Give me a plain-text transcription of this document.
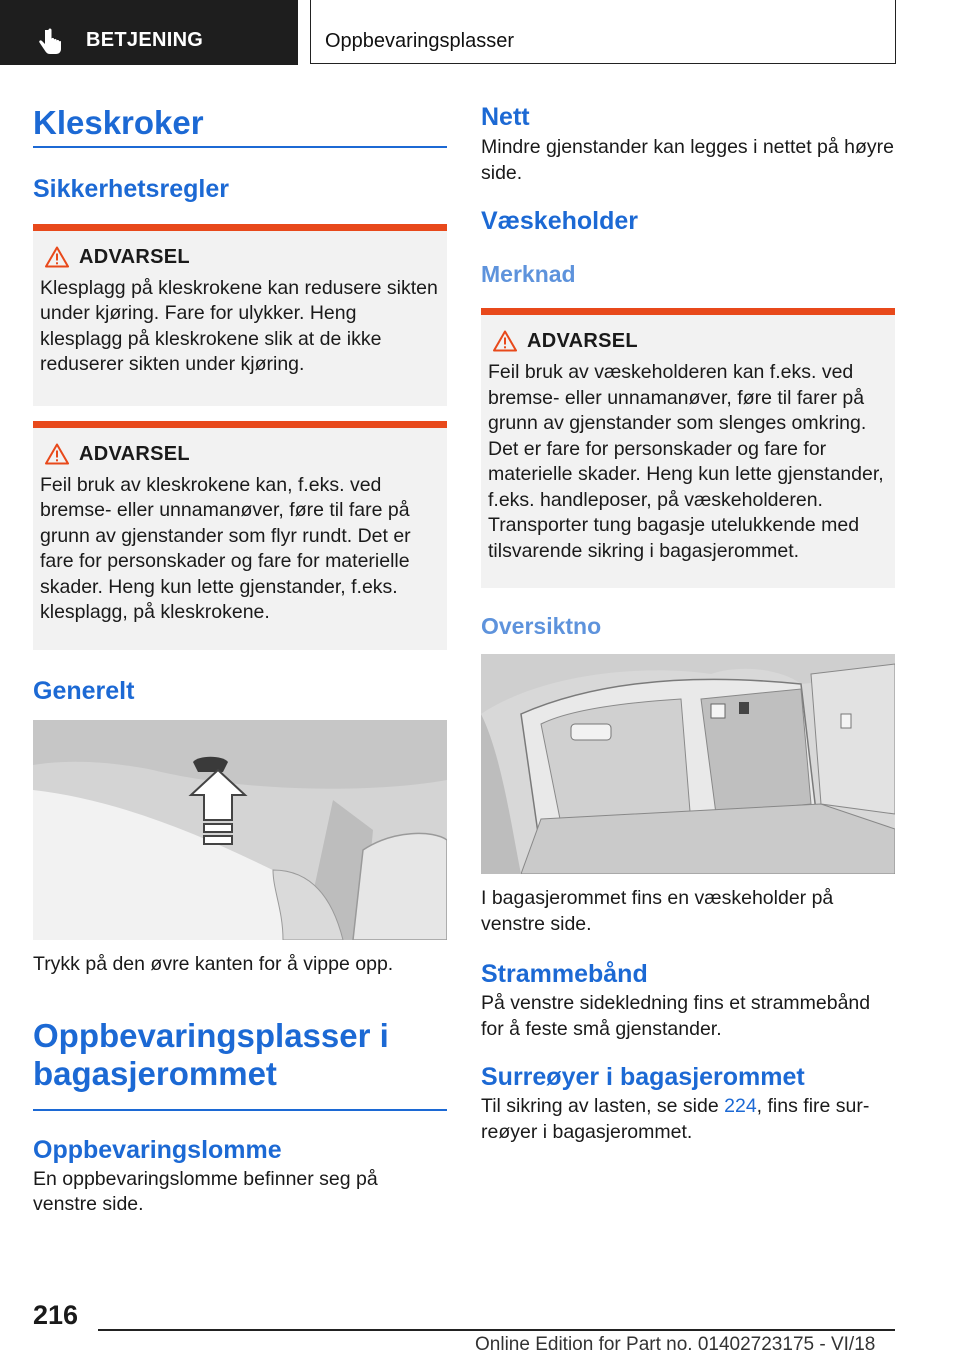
BETJENING	Oppbevaringsplasser
Kleskroker
Sikkerhetsregler
ADVARSEL
Klesplagg på kleskrokene kan redusere sikten under kjøring. Fare for ulykker. Heng klesplagg på kleskrokene slik at de ikke reduserer sikten under kjøring.
ADVARSEL
Feil bruk av kleskrokene kan, f.eks. ved bremse- eller unnamanøver, føre til fare på grunn av gjenstander som flyr rundt. Det er fare for personskader og fare for materielle skader. Heng kun lette gjenstander, f.eks. klesplagg, på kleskrokene.
Generelt

Trykk på den øvre kanten for å vippe opp.

Oppbevaringsplasser i bagasjerommet
Oppbevaringslomme

En oppbevaringslomme befinner seg på venstre side.

Nett

Mindre gjenstander kan legges i nettet på høyre side.

Væskeholder
Merknad
ADVARSEL
Feil bruk av væskeholderen kan f.eks. ved bremse- eller unnamanøver, føre til farer på grunn av gjenstander som slenges omkring. Det er fare for personskader og fare for materielle skader. Heng kun lette gjenstander, f.eks. handleposer, på væskeholderen. Transporter tung bagasje utelukkende med tilsvarende sikring i bagasjerommet.
Oversiktno

I bagasjerommet fins en væskeholder på venstre side.

Strammebånd

På venstre sidekledning fins et strammebånd for å feste små gjenstander.

Surreøyer i bagasjerommet

Til sikring av lasten, se side 224, fins fire surreøyer i bagasjerommet.

216
Online Edition for Part no. 01402723175 - VI/18
